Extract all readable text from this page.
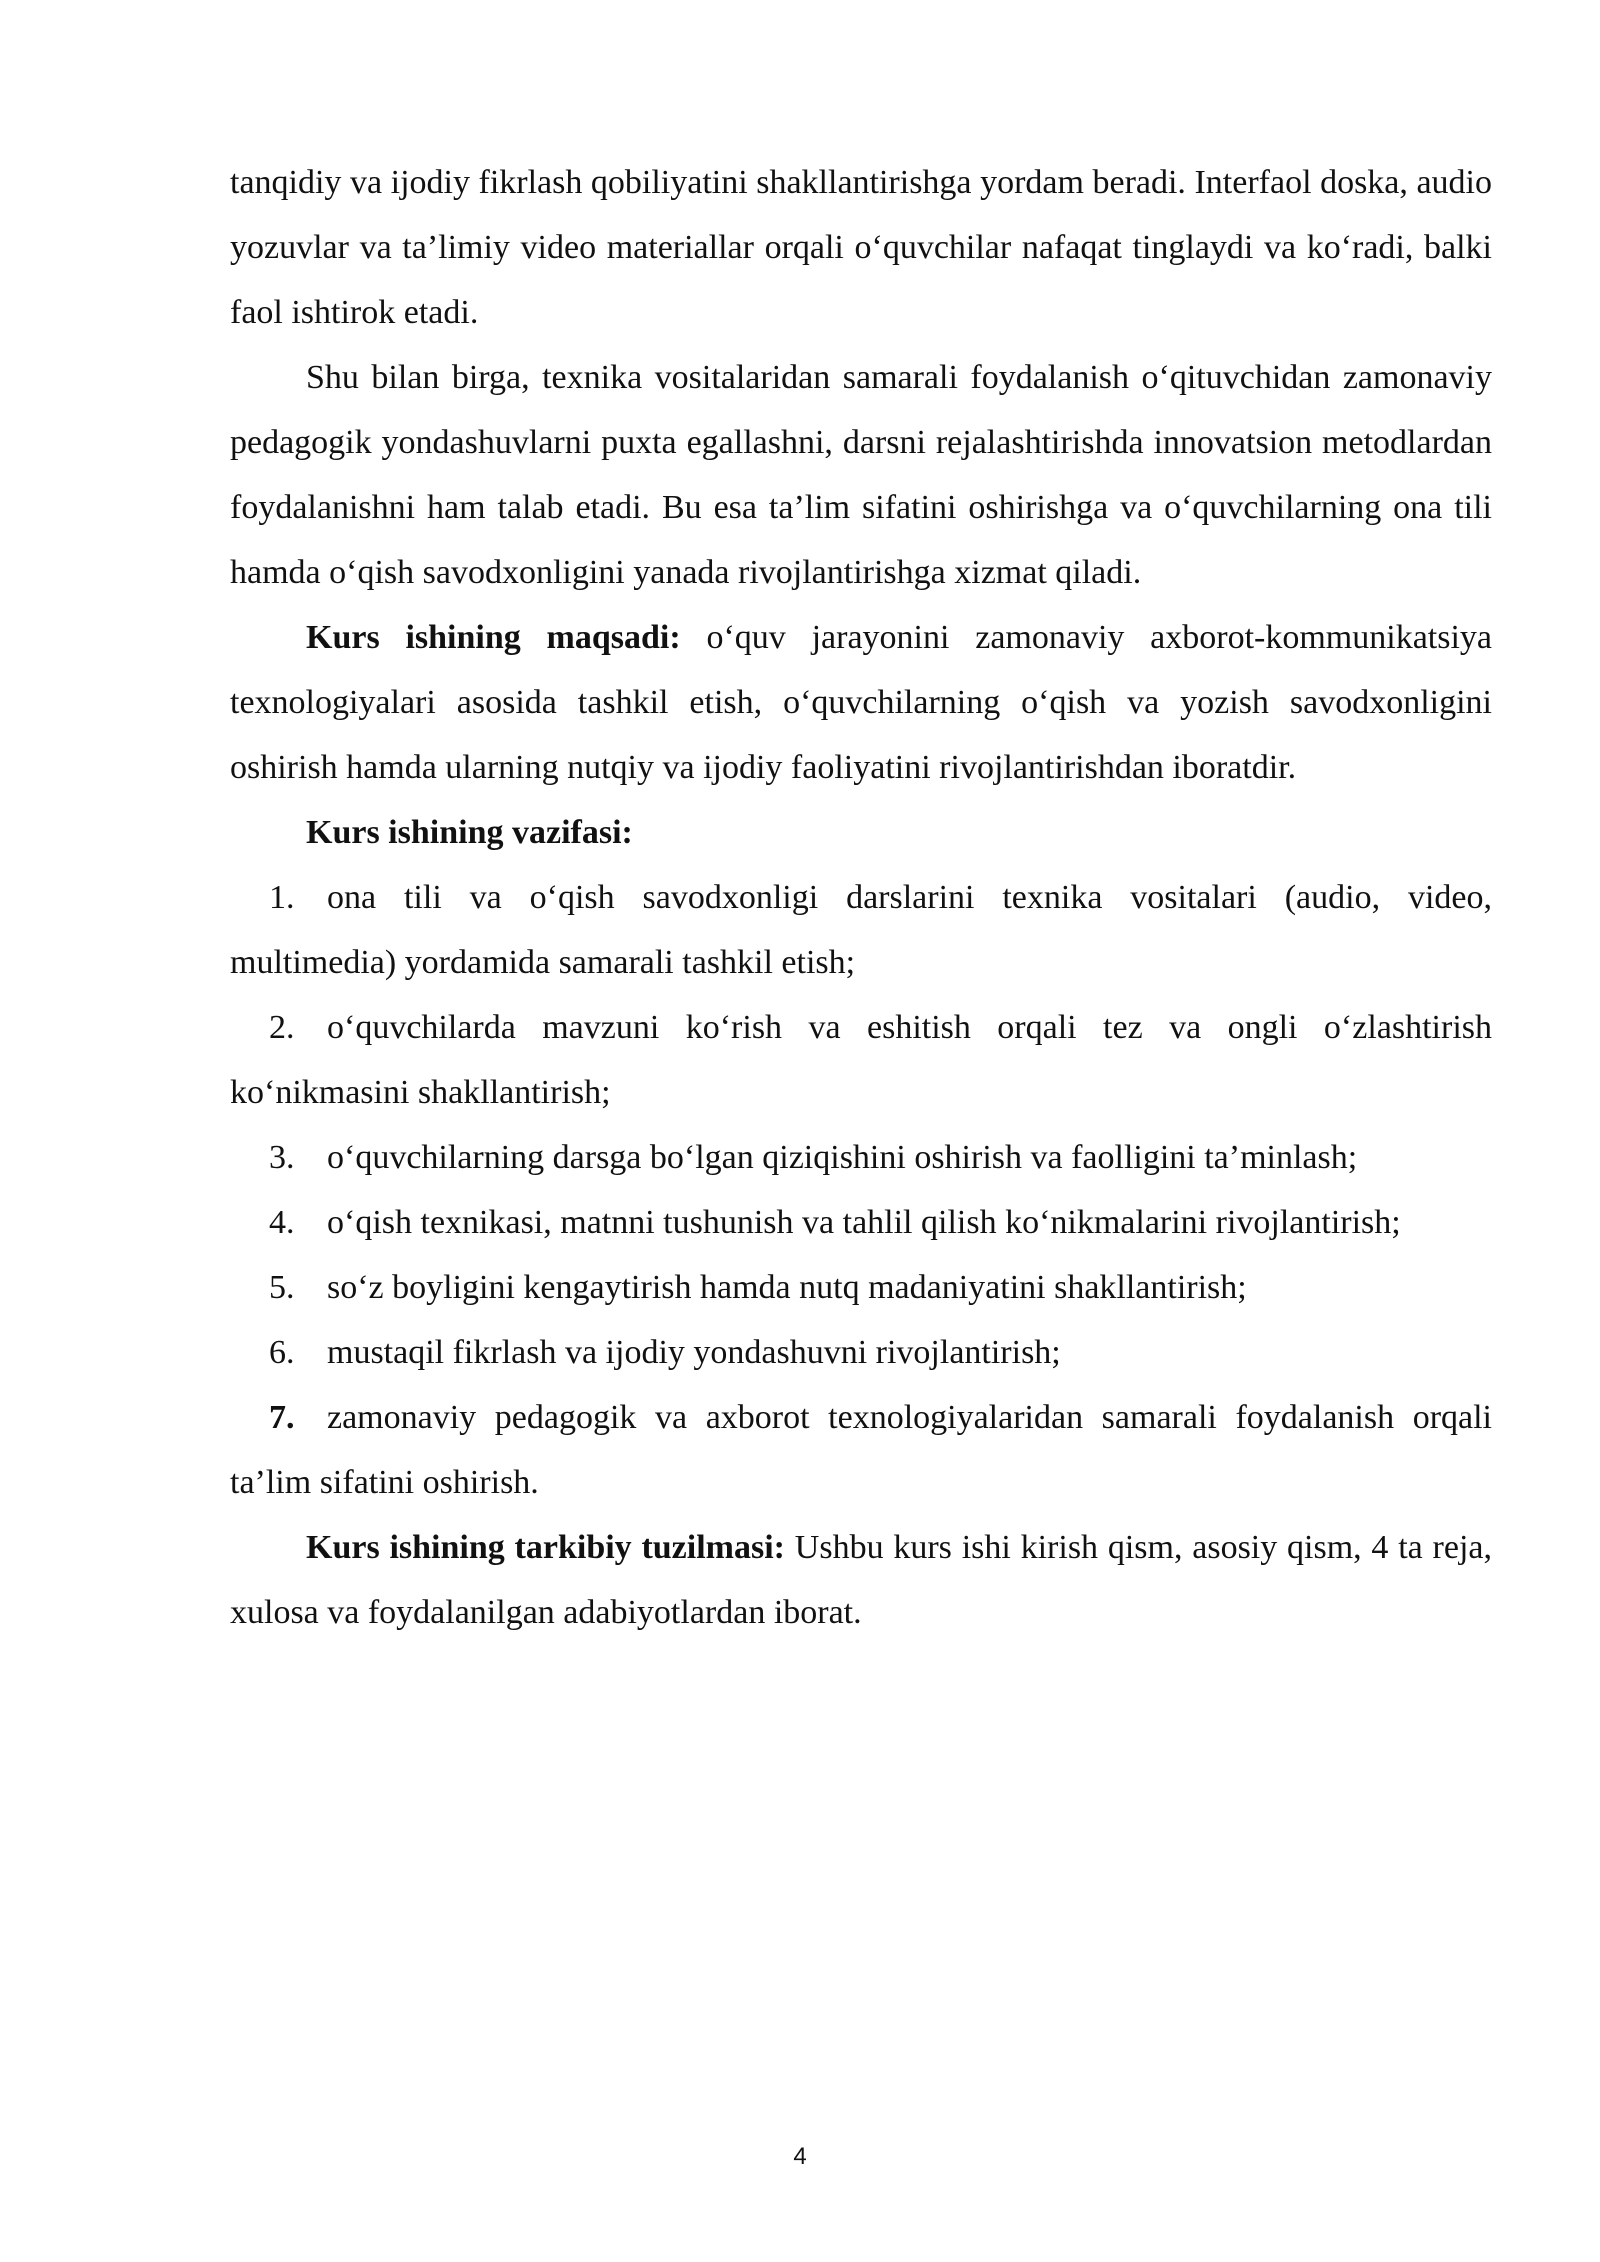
tanqidiy va ijodiy fikrlash qobiliyatini shakllantirishga yordam beradi. Interfaol doska, audio yozuvlar va ta’limiy video materiallar orqali o‘quvchilar nafaqat tinglaydi va ko‘radi, balki faol ishtirok etadi.

Shu bilan birga, texnika vositalaridan samarali foydalanish o‘qituvchidan zamonaviy pedagogik yondashuvlarni puxta egallashni, darsni rejalashtirishda innovatsion metodlardan foydalanishni ham talab etadi. Bu esa ta’lim sifatini oshirishga va o‘quvchilarning ona tili hamda o‘qish savodxonligini yanada rivojlantirishga xizmat qiladi.

Kurs ishining maqsadi: o‘quv jarayonini zamonaviy axborot-kommunikatsiya texnologiyalari asosida tashkil etish, o‘quvchilarning o‘qish va yozish savodxonligini oshirish hamda ularning nutqiy va ijodiy faoliyatini rivojlantirishdan iboratdir.

Kurs ishining vazifasi:

1. ona tili va o‘qish savodxonligi darslarini texnika vositalari (audio, video, multimedia) yordamida samarali tashkil etish;

2. o‘quvchilarda mavzuni ko‘rish va eshitish orqali tez va ongli o‘zlashtirish ko‘nikmasini shakllantirish;

3. o‘quvchilarning darsga bo‘lgan qiziqishini oshirish va faolligini ta’minlash;

4. o‘qish texnikasi, matnni tushunish va tahlil qilish ko‘nikmalarini rivojlantirish;

5. so‘z boyligini kengaytirish hamda nutq madaniyatini shakllantirish;

6. mustaqil fikrlash va ijodiy yondashuvni rivojlantirish;

7. zamonaviy pedagogik va axborot texnologiyalaridan samarali foydalanish orqali ta’lim sifatini oshirish.

Kurs ishining tarkibiy tuzilmasi: Ushbu kurs ishi kirish qism, asosiy qism, 4 ta reja, xulosa va foydalanilgan adabiyotlardan iborat.

4
